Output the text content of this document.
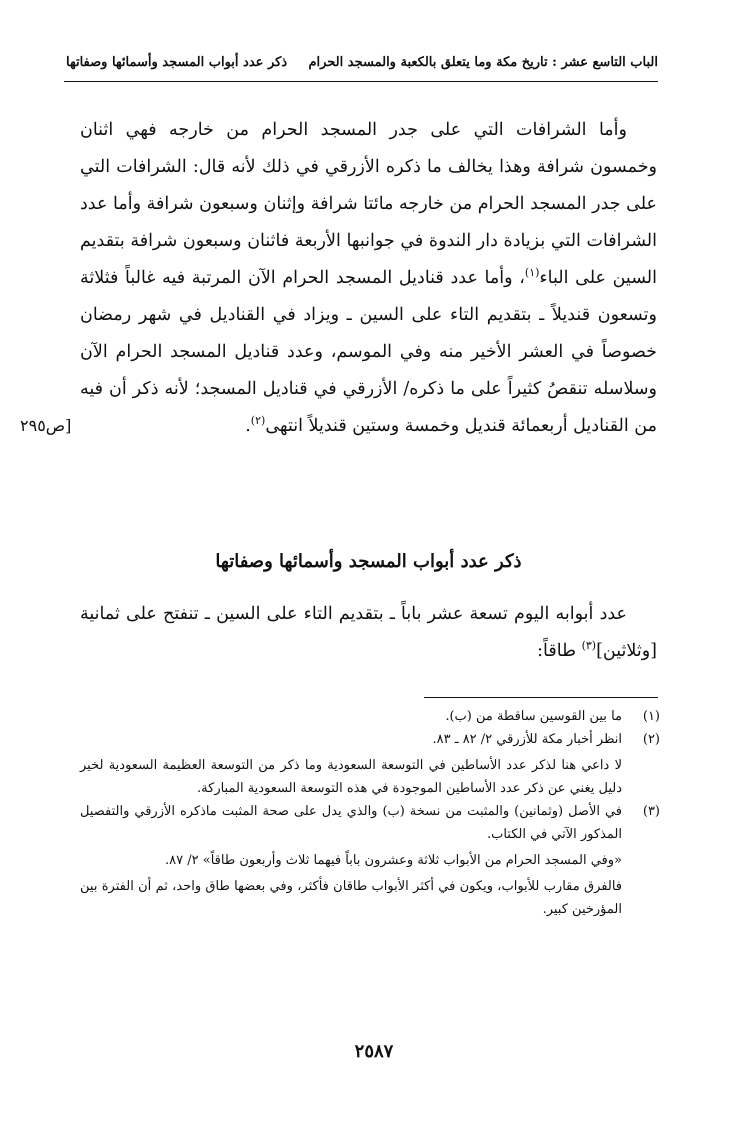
الباب التاسع عشر : تاريخ مكة وما يتعلق بالكعبة والمسجد الحرام
ذكر عدد أبواب المسجد وأسمائها وصفاتها

وأما الشرافات التي على جدر المسجد الحرام من خارجه فهي اثنان وخمسون شرافة وهذا يخالف ما ذكره الأزرقي في ذلك لأنه قال: الشرافات التي على جدر المسجد الحرام من خارجه مائتا شرافة وإثنان وسبعون شرافة وأما عدد الشرافات التي بزيادة دار الندوة في جوانبها الأربعة فاثنان وسبعون شرافة بتقديم السين على الباء$^{(١)}$، وأما عدد قناديل المسجد الحرام الآن المرتبة فيه غالباً فثلاثة وتسعون قنديلاً ـ بتقديم التاء على السين ـ ويزاد في القناديل في شهر رمضان خصوصاً في العشر الأخير منه وفي الموسم، وعدد قناديل المسجد الحرام الآن وسلاسله تنقصُ كثيراً على ما ذكره/ الأزرقي في قناديل المسجد؛ لأنه ذكر أن فيه من القناديل أربعمائة قنديل وخمسة وستين قنديلاً انتهى$^{(٢)}$.

[ص٢٩٥
ذكر عدد أبواب المسجد وأسمائها وصفاتها

عدد أبوابه اليوم تسعة عشر باباً ـ بتقديم التاء على السين ـ تنفتح على ثمانية [وثلاثين]$^{(٣)}$ طاقاً:

(١)

ما بين القوسين ساقطة من (ب).

(٢)

انظر أخبار مكة للأزرقي ٢/ ٨٢ ـ ٨٣.

لا داعي هنا لذكر عدد الأساطين في التوسعة السعودية وما ذكر من التوسعة العظيمة السعودية لخير دليل يغني عن ذكر عدد الأساطين الموجودة في هذه التوسعة السعودية المباركة.

(٣)

في الأصل (وثمانين) والمثبت من نسخة (ب) والذي يدل على صحة المثبت ماذكره الأزرقي والتفصيل المذكور الآتي في الكتاب.

«وفي المسجد الحرام من الأبواب ثلاثة وعشرون باباً فيهما ثلاث وأربعون طاقاً» ٢/ ٨٧.

فالفرق مقارب للأبواب، ويكون في أكثر الأبواب طاقان فأكثر، وفي بعضها طاق واحد، ثم أن الفترة بين المؤرخين كبير.

٢٥٨٧
